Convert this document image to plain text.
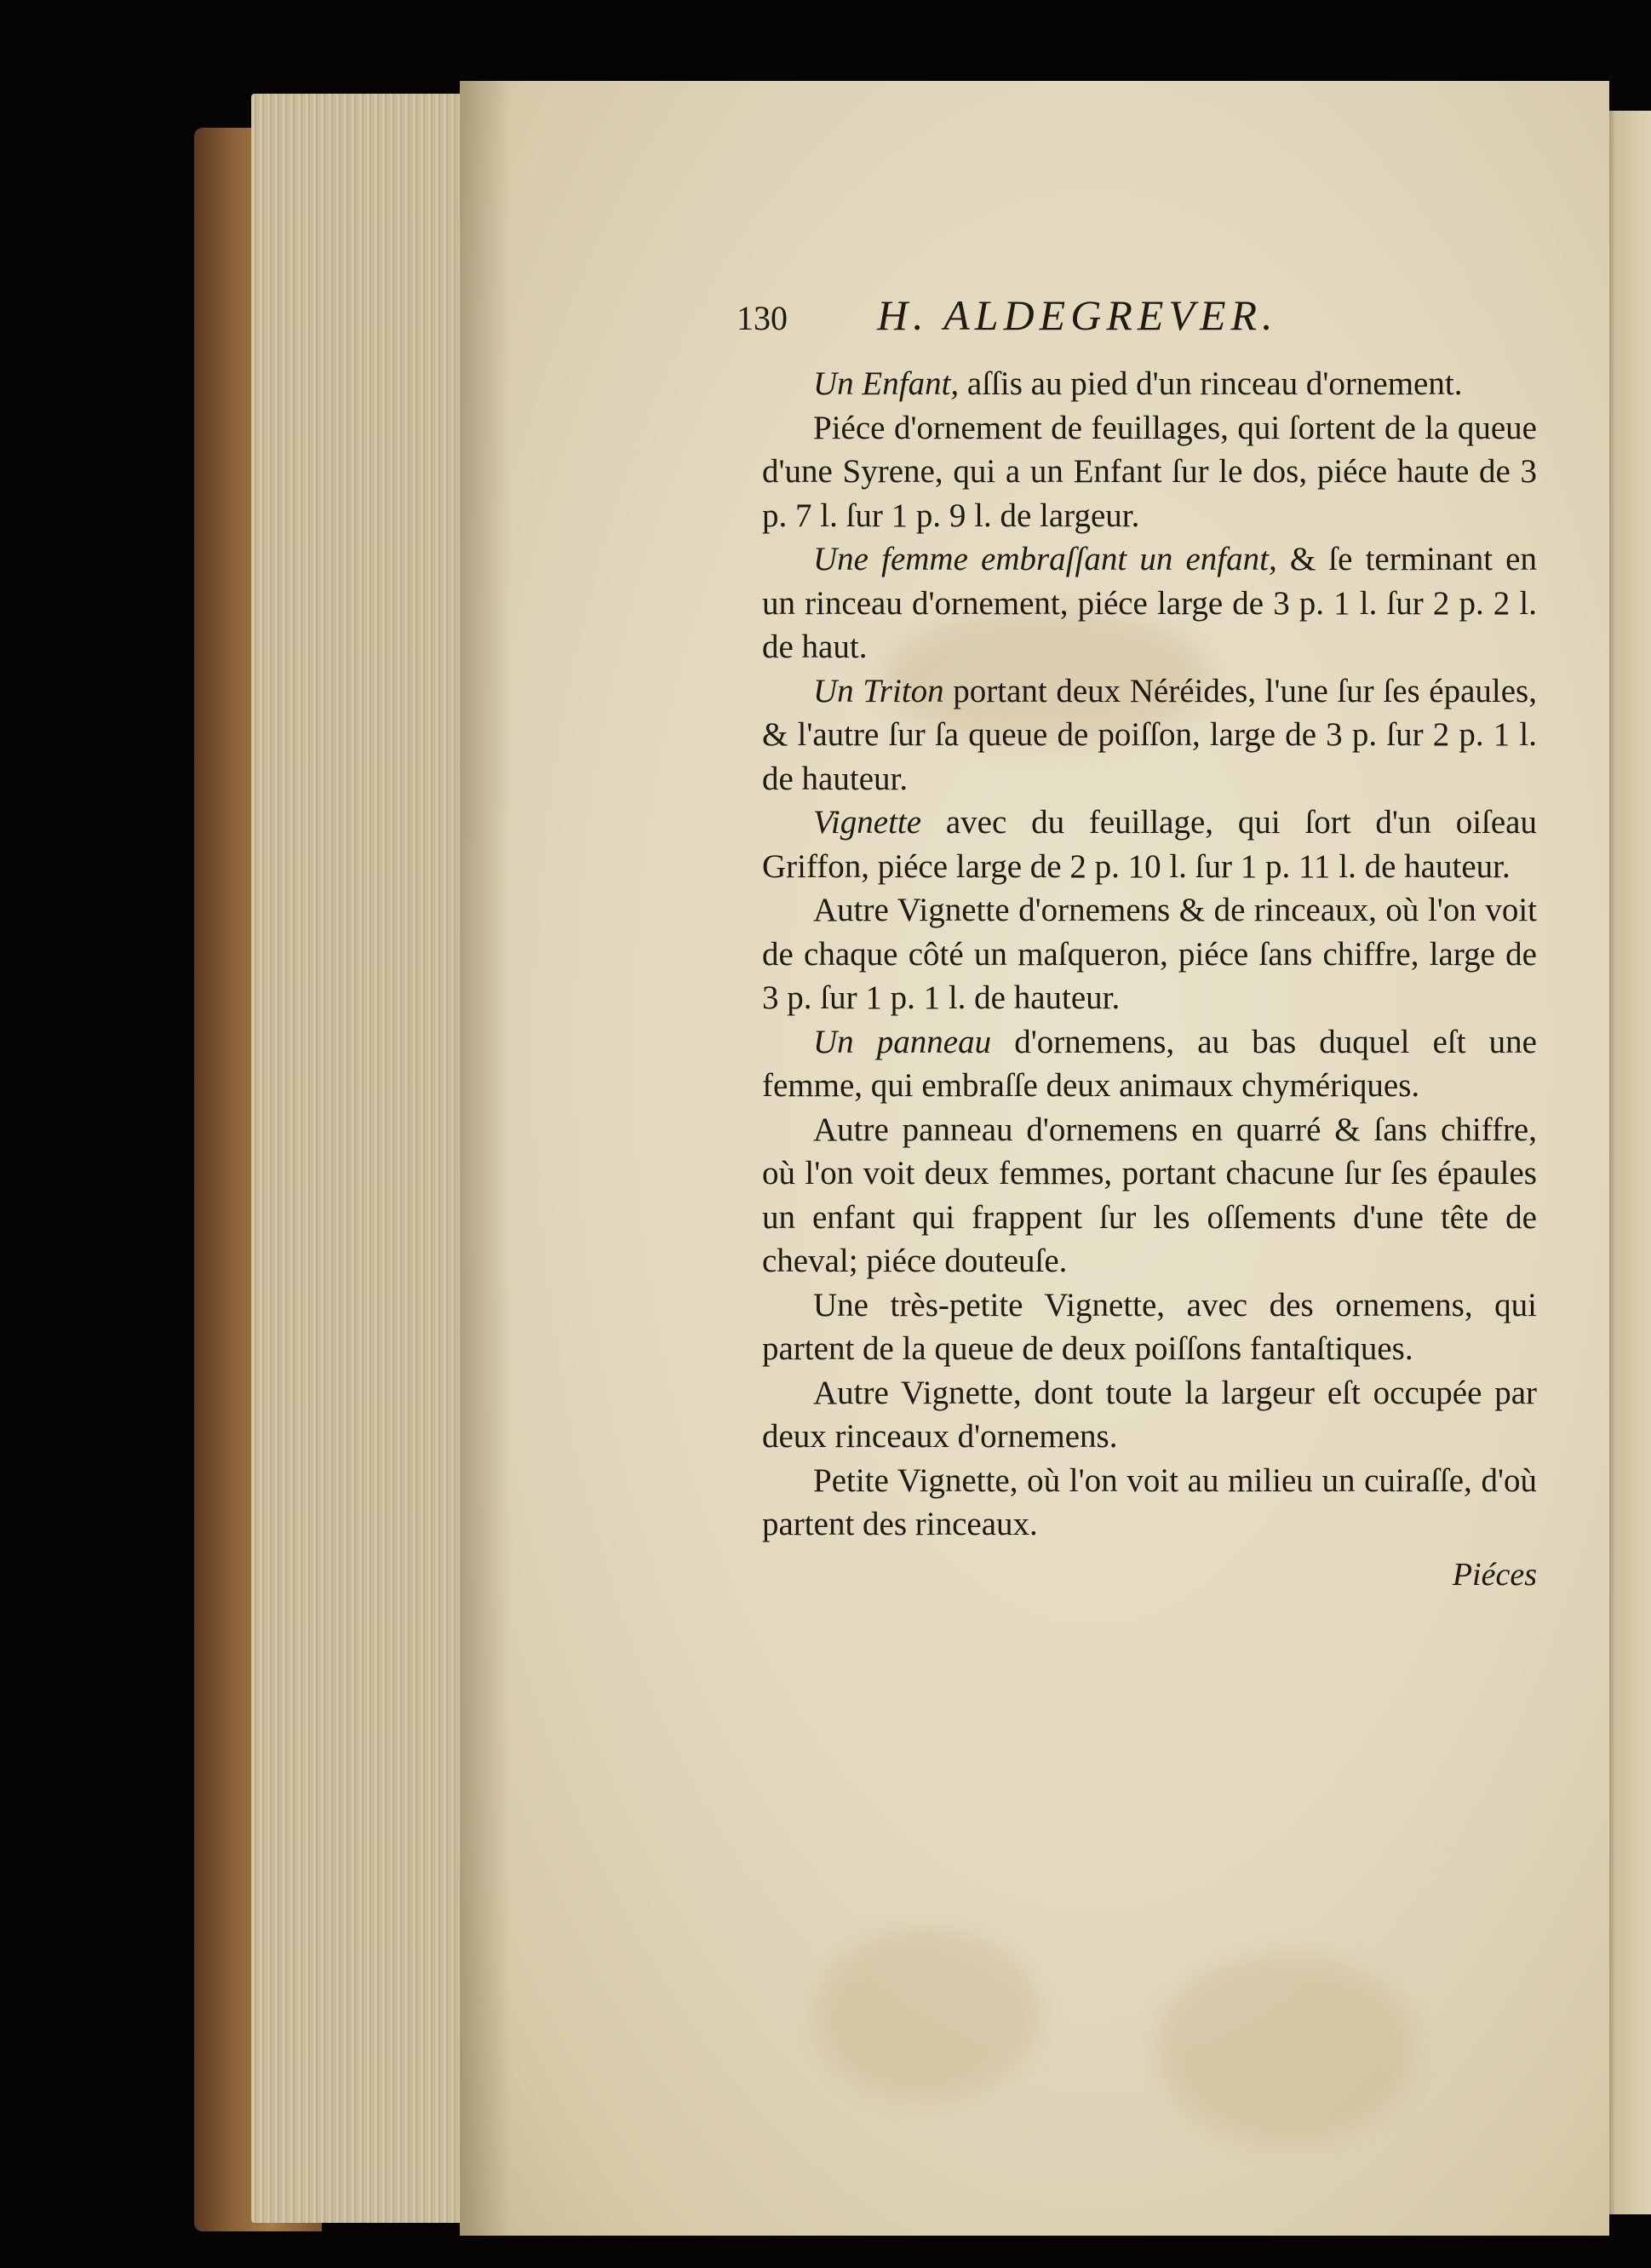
130	H. ALDEGREVER.

Un Enfant, aſſis au pied d'un rinceau d'ornement.

Piéce d'ornement de feuillages, qui ſortent de la queue d'une Syrene, qui a un Enfant ſur le dos, piéce haute de 3 p. 7 l. ſur 1 p. 9 l. de largeur.

Une femme embraſſant un enfant, & ſe terminant en un rinceau d'ornement, piéce large de 3 p. 1 l. ſur 2 p. 2 l. de haut.

Un Triton portant deux Néréides, l'une ſur ſes épaules, & l'autre ſur ſa queue de poiſſon, large de 3 p. ſur 2 p. 1 l. de hauteur.

Vignette avec du feuillage, qui ſort d'un oiſeau Griffon, piéce large de 2 p. 10 l. ſur 1 p. 11 l. de hauteur.

Autre Vignette d'ornemens & de rinceaux, où l'on voit de chaque côté un maſqueron, piéce ſans chiffre, large de 3 p. ſur 1 p. 1 l. de hauteur.

Un panneau d'ornemens, au bas duquel eſt une femme, qui embraſſe deux animaux chymériques.

Autre panneau d'ornemens en quarré & ſans chiffre, où l'on voit deux femmes, portant chacune ſur ſes épaules un enfant qui frappent ſur les oſſements d'une tête de cheval; piéce douteuſe.

Une très-petite Vignette, avec des ornemens, qui partent de la queue de deux poiſſons fantaſtiques.

Autre Vignette, dont toute la largeur eſt occupée par deux rinceaux d'ornemens.

Petite Vignette, où l'on voit au milieu un cuiraſſe, d'où partent des rinceaux.

Piéces
